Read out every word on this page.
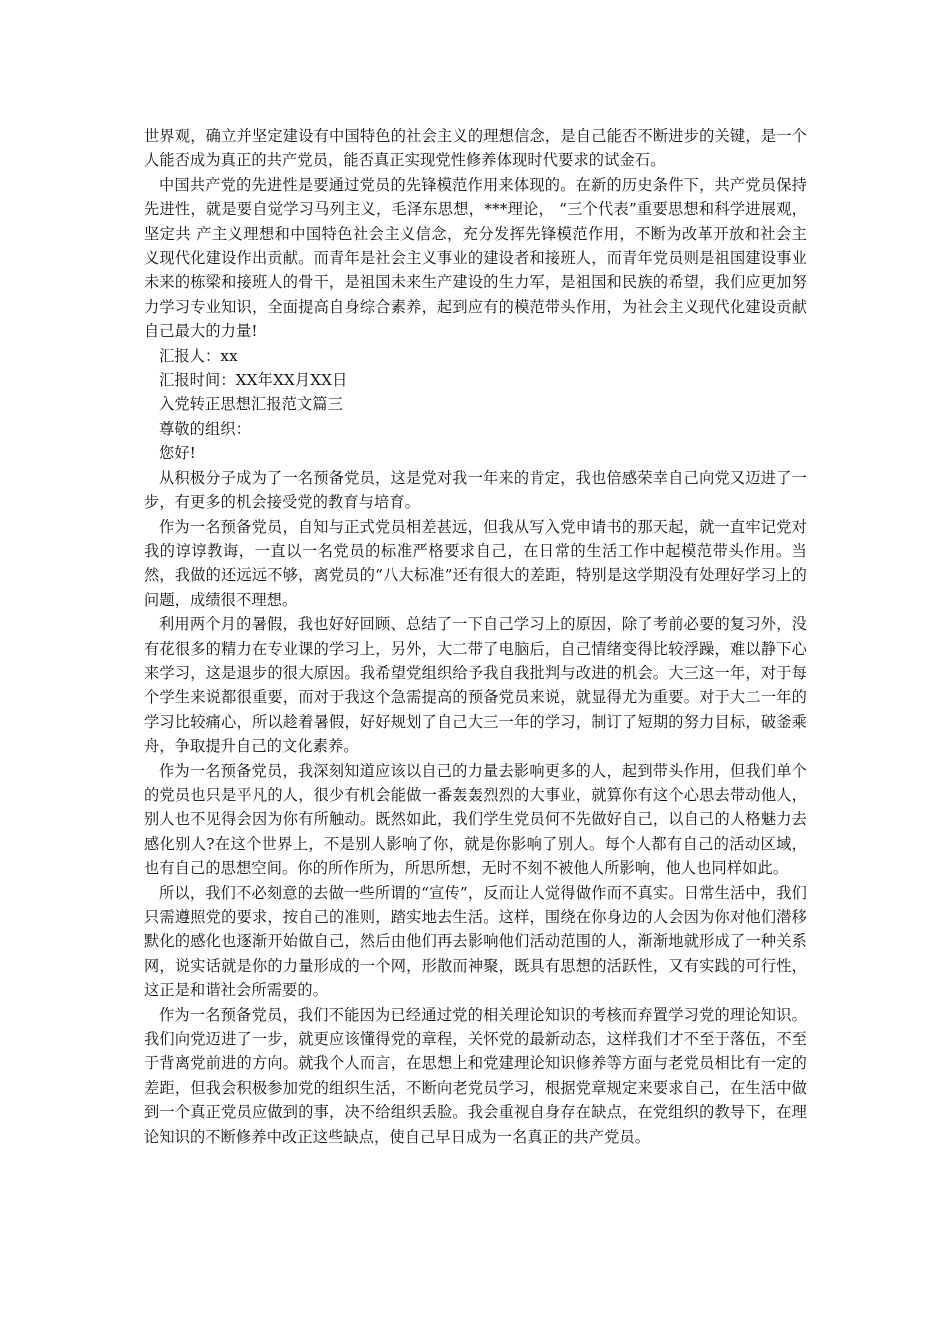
世界观，确立并坚定建设有中国特色的社会主义的理想信念，是自己能否不断进步的关键，是一个人能否成为真正的共产党员，能否真正实现党性修养体现时代要求的试金石。

中国共产党的先进性是要通过党员的先锋模范作用来体现的。在新的历史条件下，共产党员保持先进性，就是要自觉学习马列主义，毛泽东思想，***理论， “三个代表”重要思想和科学进展观，坚定共 产主义理想和中国特色社会主义信念，充分发挥先锋模范作用，不断为改革开放和社会主义现代化建设作出贡献。而青年是社会主义事业的建设者和接班人，而青年党员则是祖国建设事业未来的栋梁和接班人的骨干，是祖国未来生产建设的生力军，是祖国和民族的希望，我们应更加努力学习专业知识，全面提高自身综合素养，起到应有的模范带头作用，为社会主义现代化建设贡献自己最大的力量!

汇报人：xx

汇报时间：XX年XX月XX日

入党转正思想汇报范文篇三

尊敬的组织：

您好!

从积极分子成为了一名预备党员，这是党对我一年来的肯定，我也倍感荣幸自己向党又迈进了一步，有更多的机会接受党的教育与培育。

作为一名预备党员，自知与正式党员相差甚远，但我从写入党申请书的那天起，就一直牢记党对我的谆谆教诲，一直以一名党员的标准严格要求自己，在日常的生活工作中起模范带头作用。当然，我做的还远远不够，离党员的“八大标准”还有很大的差距，特别是这学期没有处理好学习上的问题，成绩很不理想。

利用两个月的暑假，我也好好回顾、总结了一下自己学习上的原因，除了考前必要的复习外，没有花很多的精力在专业课的学习上，另外，大二带了电脑后，自己情绪变得比较浮躁，难以静下心来学习，这是退步的很大原因。我希望党组织给予我自我批判与改进的机会。大三这一年，对于每个学生来说都很重要，而对于我这个急需提高的预备党员来说，就显得尤为重要。对于大二一年的学习比较痛心，所以趁着暑假，好好规划了自己大三一年的学习，制订了短期的努力目标，破釜乘舟，争取提升自己的文化素养。

作为一名预备党员，我深刻知道应该以自己的力量去影响更多的人，起到带头作用，但我们单个的党员也只是平凡的人，很少有机会能做一番轰轰烈烈的大事业，就算你有这个心思去带动他人，别人也不见得会因为你有所触动。既然如此，我们学生党员何不先做好自己，以自己的人格魅力去感化别人?在这个世界上，不是别人影响了你，就是你影响了别人。每个人都有自己的活动区域，也有自己的思想空间。你的所作所为，所思所想，无时不刻不被他人所影响，他人也同样如此。

所以，我们不必刻意的去做一些所谓的“宣传”，反而让人觉得做作而不真实。日常生活中，我们只需遵照党的要求，按自己的准则，踏实地去生活。这样，围绕在你身边的人会因为你对他们潜移默化的感化也逐渐开始做自己，然后由他们再去影响他们活动范围的人，渐渐地就形成了一种关系网，说实话就是你的力量形成的一个网，形散而神聚，既具有思想的活跃性，又有实践的可行性，这正是和谐社会所需要的。

作为一名预备党员，我们不能因为已经通过党的相关理论知识的考核而弃置学习党的理论知识。我们向党迈进了一步，就更应该懂得党的章程，关怀党的最新动态，这样我们才不至于落伍，不至于背离党前进的方向。就我个人而言，在思想上和党建理论知识修养等方面与老党员相比有一定的差距，但我会积极参加党的组织生活，不断向老党员学习，根据党章规定来要求自己，在生活中做到一个真正党员应做到的事，决不给组织丢脸。我会重视自身存在缺点，在党组织的教导下，在理论知识的不断修养中改正这些缺点，使自己早日成为一名真正的共产党员。
